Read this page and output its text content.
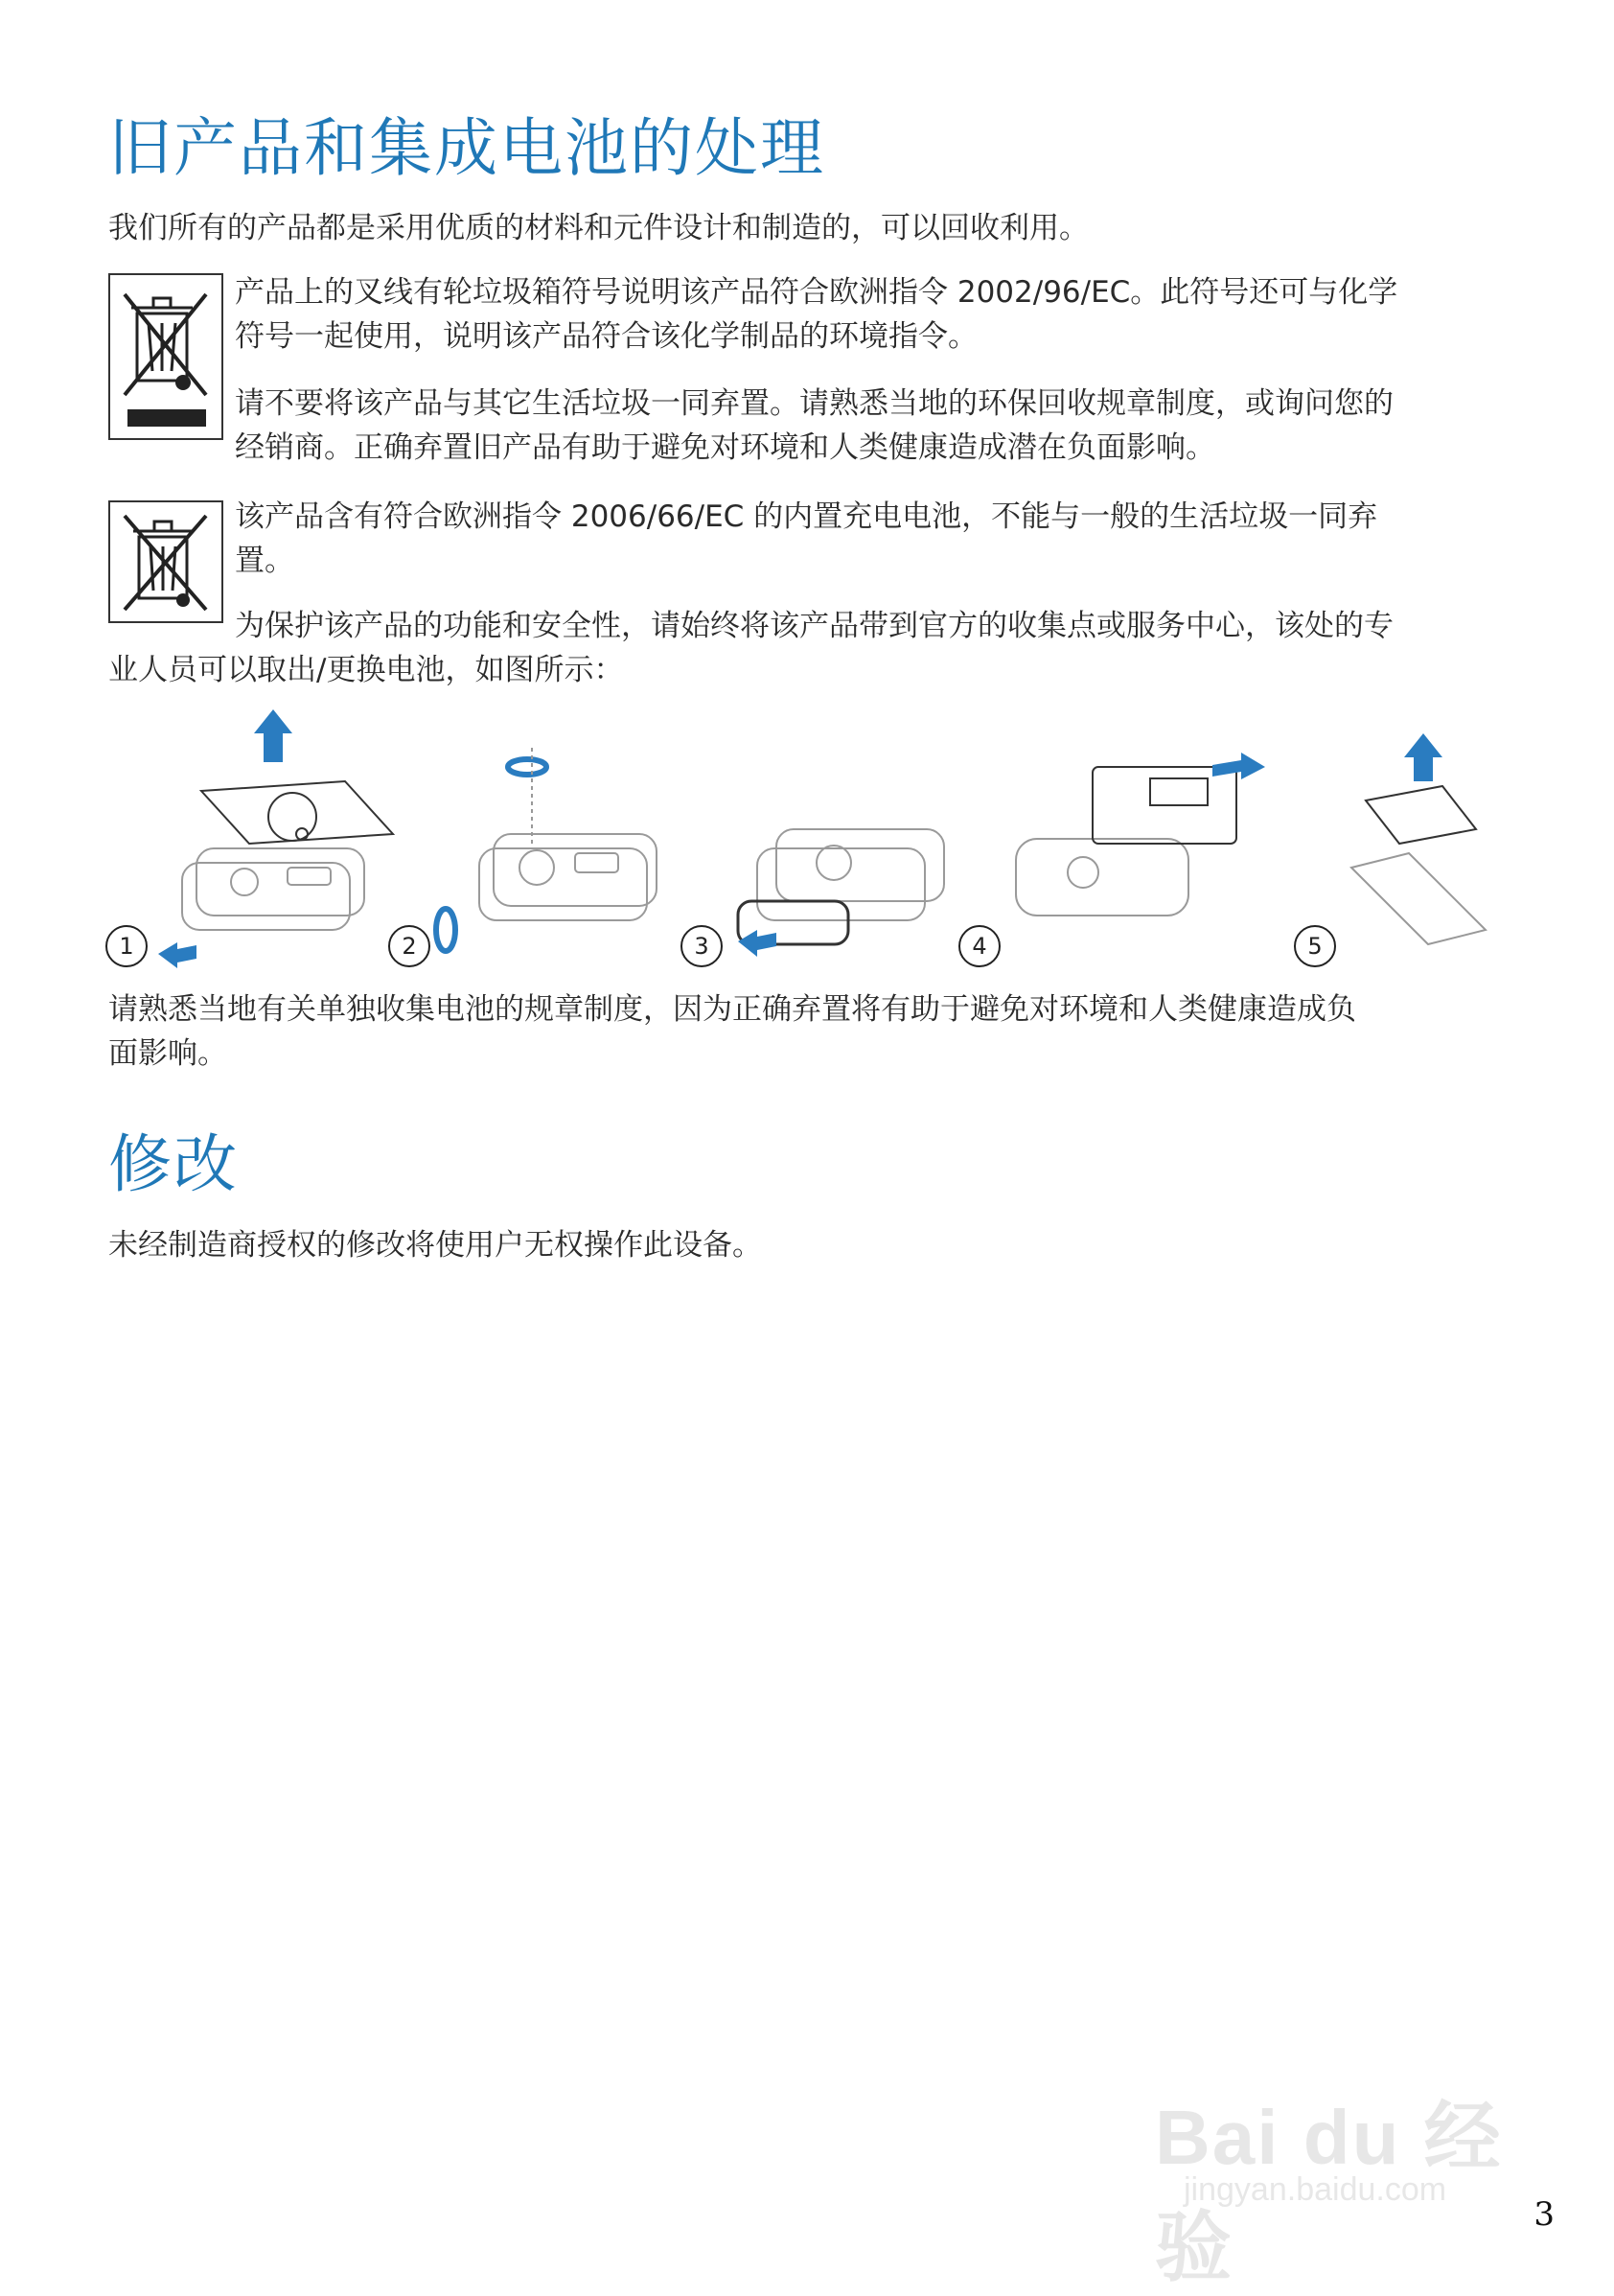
旧产品和集成电池的处理

我们所有的产品都是采用优质的材料和元件设计和制造的，可以回收利用。

产品上的叉线有轮垃圾箱符号说明该产品符合欧洲指令 2002/96/EC。此符号还可与化学

符号一起使用，说明该产品符合该化学制品的环境指令。

请不要将该产品与其它生活垃圾一同弃置。请熟悉当地的环保回收规章制度，或询问您的

经销商。正确弃置旧产品有助于避免对环境和人类健康造成潜在负面影响。

该产品含有符合欧洲指令 2006/66/EC 的内置充电电池，不能与一般的生活垃圾一同弃

置。

为保护该产品的功能和安全性，请始终将该产品带到官方的收集点或服务中心，该处的专

业人员可以取出/更换电池，如图所示：

1	2	3	4	5

请熟悉当地有关单独收集电池的规章制度，因为正确弃置将有助于避免对环境和人类健康造成负

面影响。

修改

未经制造商授权的修改将使用户无权操作此设备。

Bai du 经验
jingyan.baidu.com
3
